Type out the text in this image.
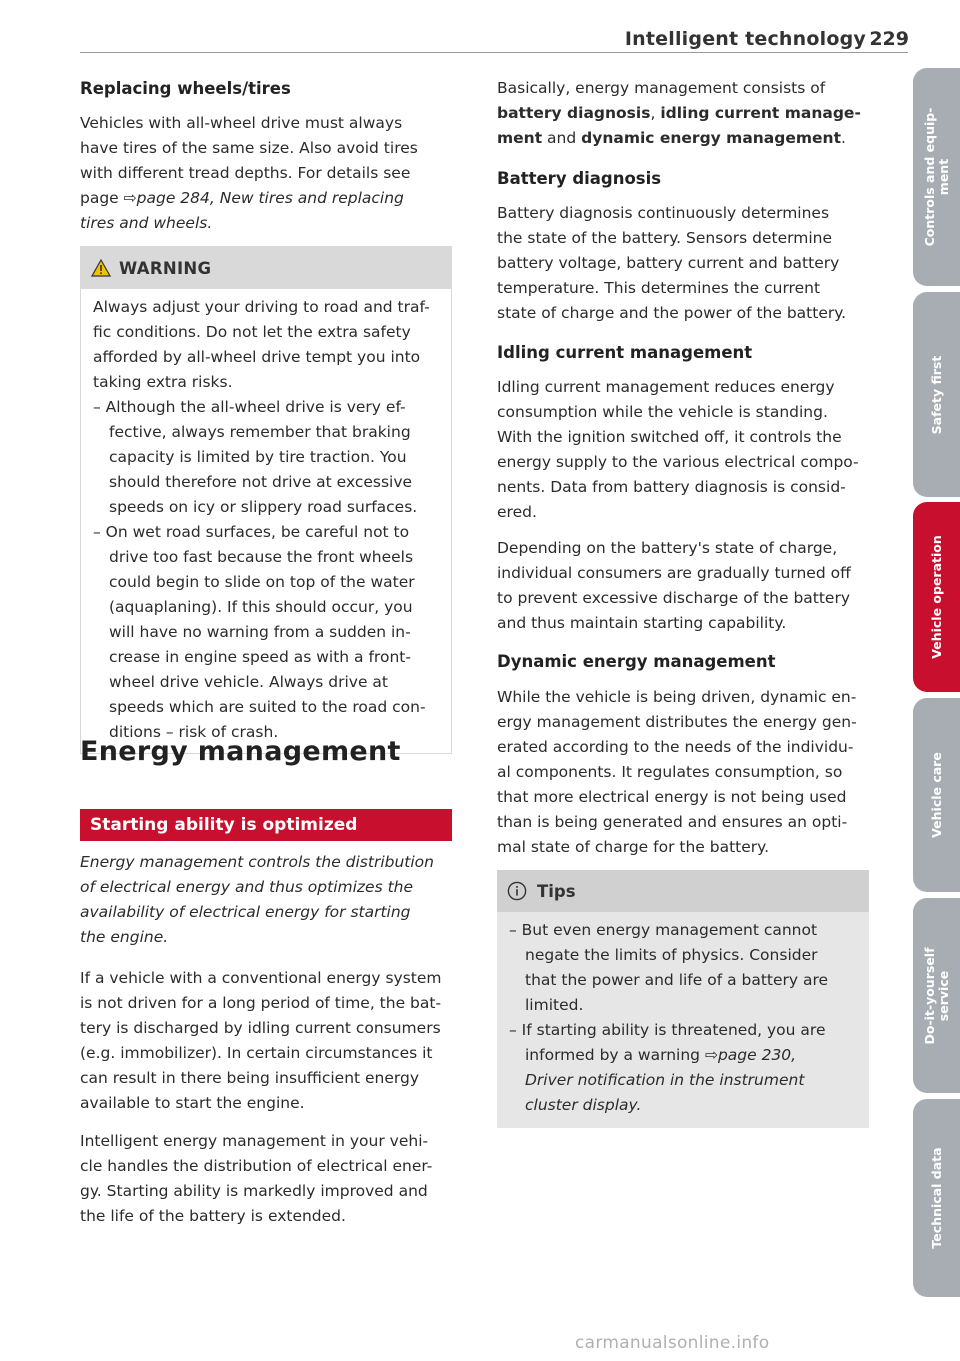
Intelligent technology 229
Replacing wheels/tires
Vehicles with all-wheel drive must always
have tires of the same size. Also avoid tires
with different tread depths. For details see
page ⇨page 284, New tires and replacing
tires and wheels.
WARNING
Always adjust your driving to road and traf-
fic conditions. Do not let the extra safety
afforded by all-wheel drive tempt you into
taking extra risks.
– Although the all-wheel drive is very ef-
fective, always remember that braking
capacity is limited by tire traction. You
should therefore not drive at excessive
speeds on icy or slippery road surfaces.
– On wet road surfaces, be careful not to
drive too fast because the front wheels
could begin to slide on top of the water
(aquaplaning). If this should occur, you
will have no warning from a sudden in-
crease in engine speed as with a front-
wheel drive vehicle. Always drive at
speeds which are suited to the road con-
ditions – risk of crash.
Energy management
Starting ability is optimized
Energy management controls the distribution
of electrical energy and thus optimizes the
availability of electrical energy for starting
the engine.
If a vehicle with a conventional energy system
is not driven for a long period of time, the bat-
tery is discharged by idling current consumers
(e.g. immobilizer). In certain circumstances it
can result in there being insufficient energy
available to start the engine.
Intelligent energy management in your vehi-
cle handles the distribution of electrical ener-
gy. Starting ability is markedly improved and
the life of the battery is extended.
Basically, energy management consists of
battery diagnosis, idling current manage-
ment and dynamic energy management.
Battery diagnosis
Battery diagnosis continuously determines
the state of the battery. Sensors determine
battery voltage, battery current and battery
temperature. This determines the current
state of charge and the power of the battery.
Idling current management
Idling current management reduces energy
consumption while the vehicle is standing.
With the ignition switched off, it controls the
energy supply to the various electrical compo-
nents. Data from battery diagnosis is consid-
ered.
Depending on the battery's state of charge,
individual consumers are gradually turned off
to prevent excessive discharge of the battery
and thus maintain starting capability.
Dynamic energy management
While the vehicle is being driven, dynamic en-
ergy management distributes the energy gen-
erated according to the needs of the individu-
al components. It regulates consumption, so
that more electrical energy is not being used
than is being generated and ensures an opti-
mal state of charge for the battery.
Tips
– But even energy management cannot
negate the limits of physics. Consider
that the power and life of a battery are
limited.
– If starting ability is threatened, you are
informed by a warning ⇨page 230,
Driver notification in the instrument
cluster display.
Controls and equip- ment
Safety first
Vehicle operation
Vehicle care
Do-it-yourself service
Technical data
carmanualsonline.info
